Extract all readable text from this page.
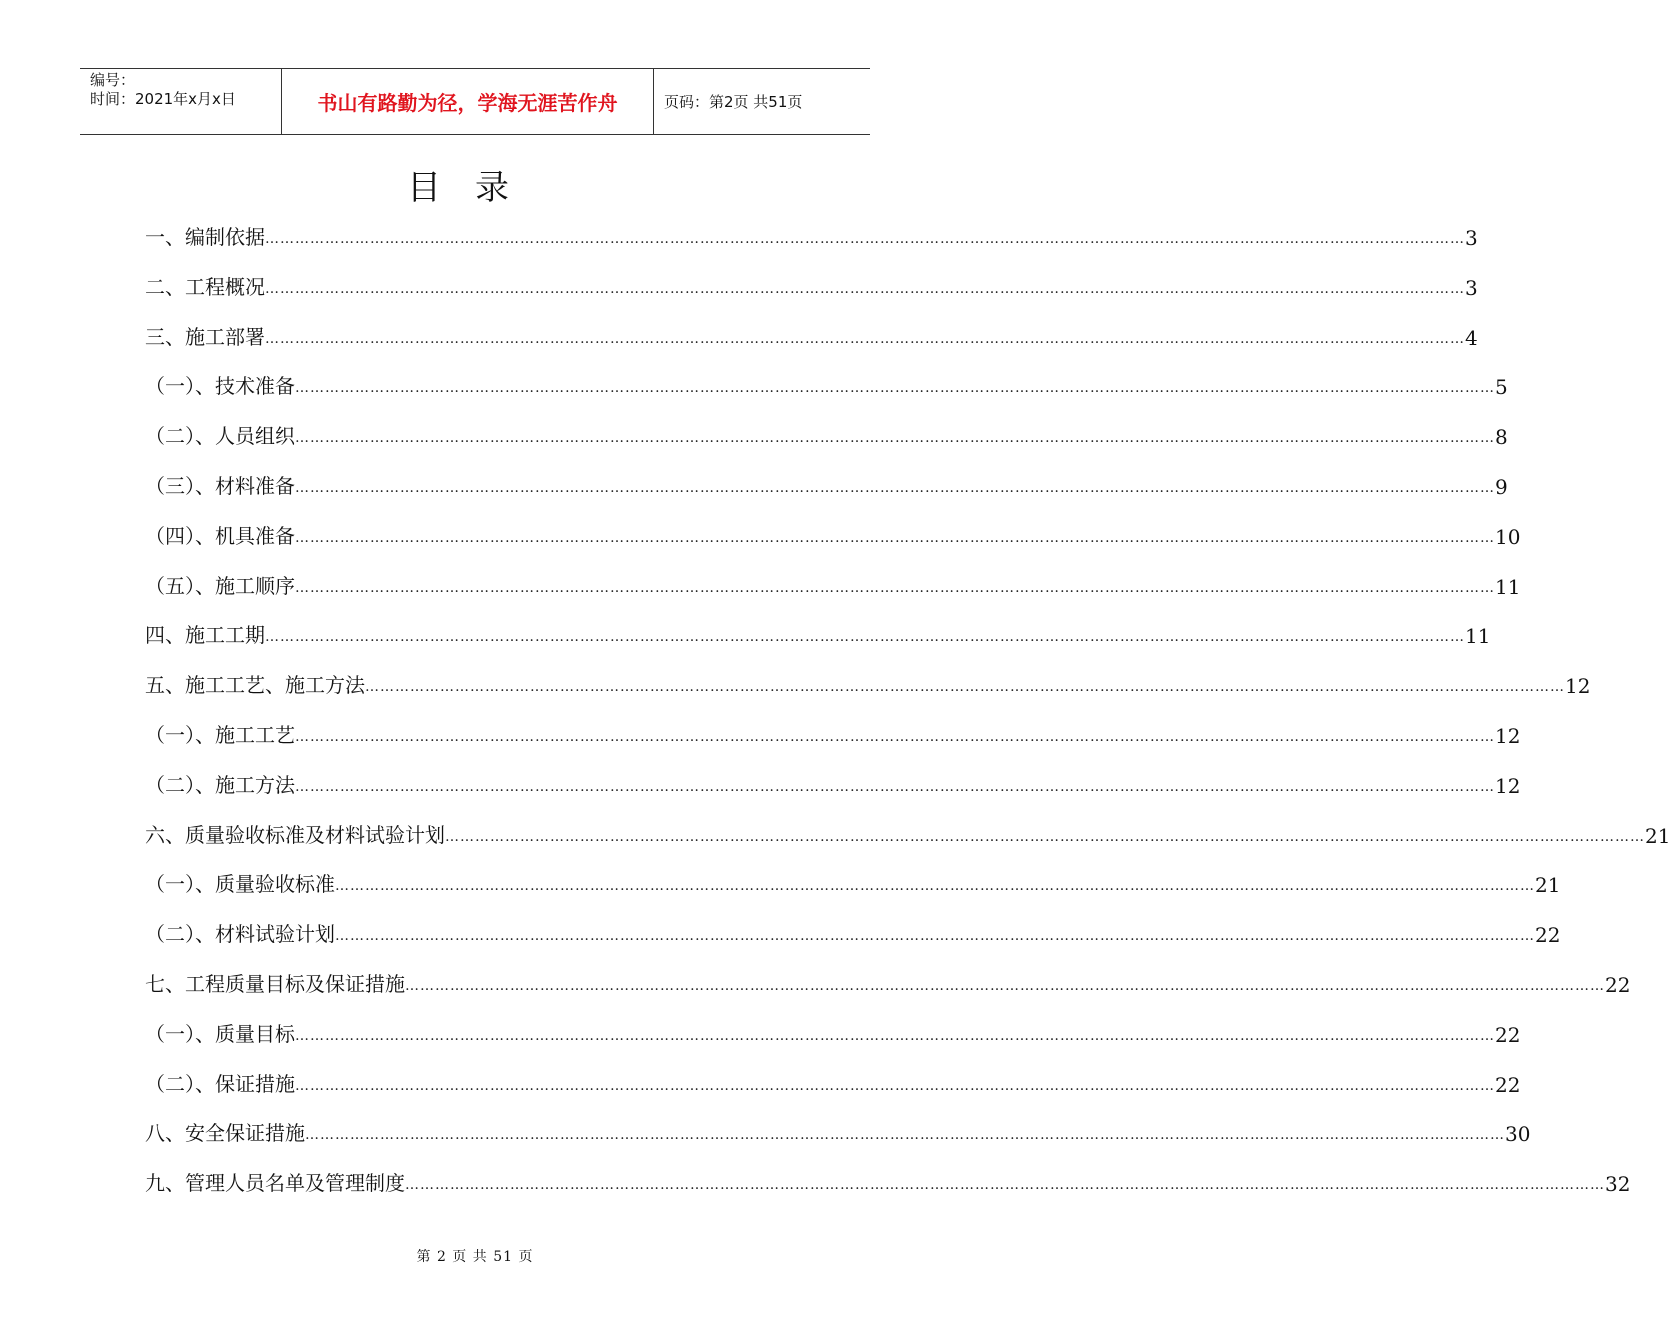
编号：
时间：2021年x月x日	书山有路勤为径，学海无涯苦作舟	页码：第2页 共51页
目录
一、编制依据 …………………………………………………………………………………………………………………………………………………………………………………………………………………… 3
二、工程概况 …………………………………………………………………………………………………………………………………………………………………………………………………………………… 3
三、施工部署 …………………………………………………………………………………………………………………………………………………………………………………………………………………… 4
（一）、技术准备 …………………………………………………………………………………………………………………………………………………………………………………………………………………… 5
（二）、人员组织 …………………………………………………………………………………………………………………………………………………………………………………………………………………… 8
（三）、材料准备 …………………………………………………………………………………………………………………………………………………………………………………………………………………… 9
（四）、机具准备 …………………………………………………………………………………………………………………………………………………………………………………………………………………… 10
（五）、施工顺序 …………………………………………………………………………………………………………………………………………………………………………………………………………………… 11
四、施工工期 …………………………………………………………………………………………………………………………………………………………………………………………………………………… 11
五、施工工艺、施工方法 …………………………………………………………………………………………………………………………………………………………………………………………………………………… 12
（一）、施工工艺 …………………………………………………………………………………………………………………………………………………………………………………………………………………… 12
（二）、施工方法 …………………………………………………………………………………………………………………………………………………………………………………………………………………… 12
六、质量验收标准及材料试验计划 …………………………………………………………………………………………………………………………………………………………………………………………………………………… 21
（一）、质量验收标准 …………………………………………………………………………………………………………………………………………………………………………………………………………………… 21
（二）、材料试验计划 …………………………………………………………………………………………………………………………………………………………………………………………………………………… 22
七、工程质量目标及保证措施 …………………………………………………………………………………………………………………………………………………………………………………………………………………… 22
（一）、质量目标 …………………………………………………………………………………………………………………………………………………………………………………………………………………… 22
（二）、保证措施 …………………………………………………………………………………………………………………………………………………………………………………………………………………… 22
八、安全保证措施 …………………………………………………………………………………………………………………………………………………………………………………………………………………… 30
九、管理人员名单及管理制度 …………………………………………………………………………………………………………………………………………………………………………………………………………………… 32
第 2 页 共 51 页
